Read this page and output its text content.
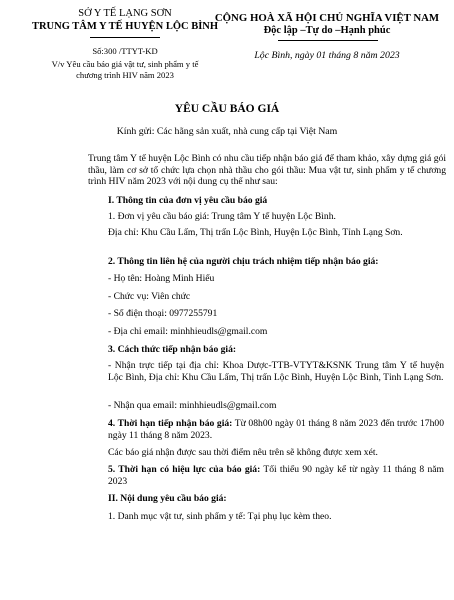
SỞ Y TẾ LẠNG SƠN
TRUNG TÂM Y TẾ HUYỆN LỘC BÌNH
Số:300 /TTYT-KD
V/v Yêu cầu báo giá vật tư, sinh phẩm y tế
chương trình HIV năm 2023
CỘNG HOÀ XÃ HỘI CHỦ NGHĨA VIỆT NAM
Độc lập –Tự do –Hạnh phúc
Lộc Bình, ngày 01 tháng 8 năm 2023
YÊU CẦU BÁO GIÁ
Kính gửi: Các hãng sản xuất, nhà cung cấp tại Việt Nam
Trung tâm Y tế huyện Lộc Bình có nhu cầu tiếp nhận báo giá để tham khảo, xây dựng giá gói thầu, làm cơ sở tổ chức lựa chọn nhà thầu cho gói thầu: Mua vật tư, sinh phẩm y tế chương trình HIV năm 2023 với nội dung cụ thể như sau:
I. Thông tin của đơn vị yêu cầu báo giá
1. Đơn vị yêu cầu báo giá: Trung tâm Y tế huyện Lộc Bình.
Địa chỉ: Khu Cầu Lấm, Thị trấn Lộc Bình, Huyện Lộc Bình, Tỉnh Lạng Sơn.
2. Thông tin liên hệ của người chịu trách nhiệm tiếp nhận báo giá:
- Họ tên: Hoàng Minh Hiếu
- Chức vụ: Viên chức
- Số điện thoại: 0977255791
- Địa chỉ email: minhhieudls@gmail.com
3. Cách thức tiếp nhận báo giá:
- Nhận trực tiếp tại địa chỉ: Khoa Dược-TTB-VTYT&KSNK Trung tâm Y tế huyện Lộc Bình, Địa chỉ: Khu Cầu Lấm, Thị trấn Lộc Bình, Huyện Lộc Bình, Tỉnh Lạng Sơn.
- Nhận qua email: minhhieudls@gmail.com
4. Thời hạn tiếp nhận báo giá: Từ 08h00 ngày 01 tháng 8 năm 2023 đến trước 17h00 ngày 11 tháng 8 năm 2023.
Các báo giá nhận được sau thời điểm nêu trên sẽ không được xem xét.
5. Thời hạn có hiệu lực của báo giá: Tối thiểu 90 ngày kể từ ngày 11 tháng 8 năm 2023
II. Nội dung yêu cầu báo giá:
1. Danh mục vật tư, sinh phẩm y tế: Tại phụ lục kèm theo.
